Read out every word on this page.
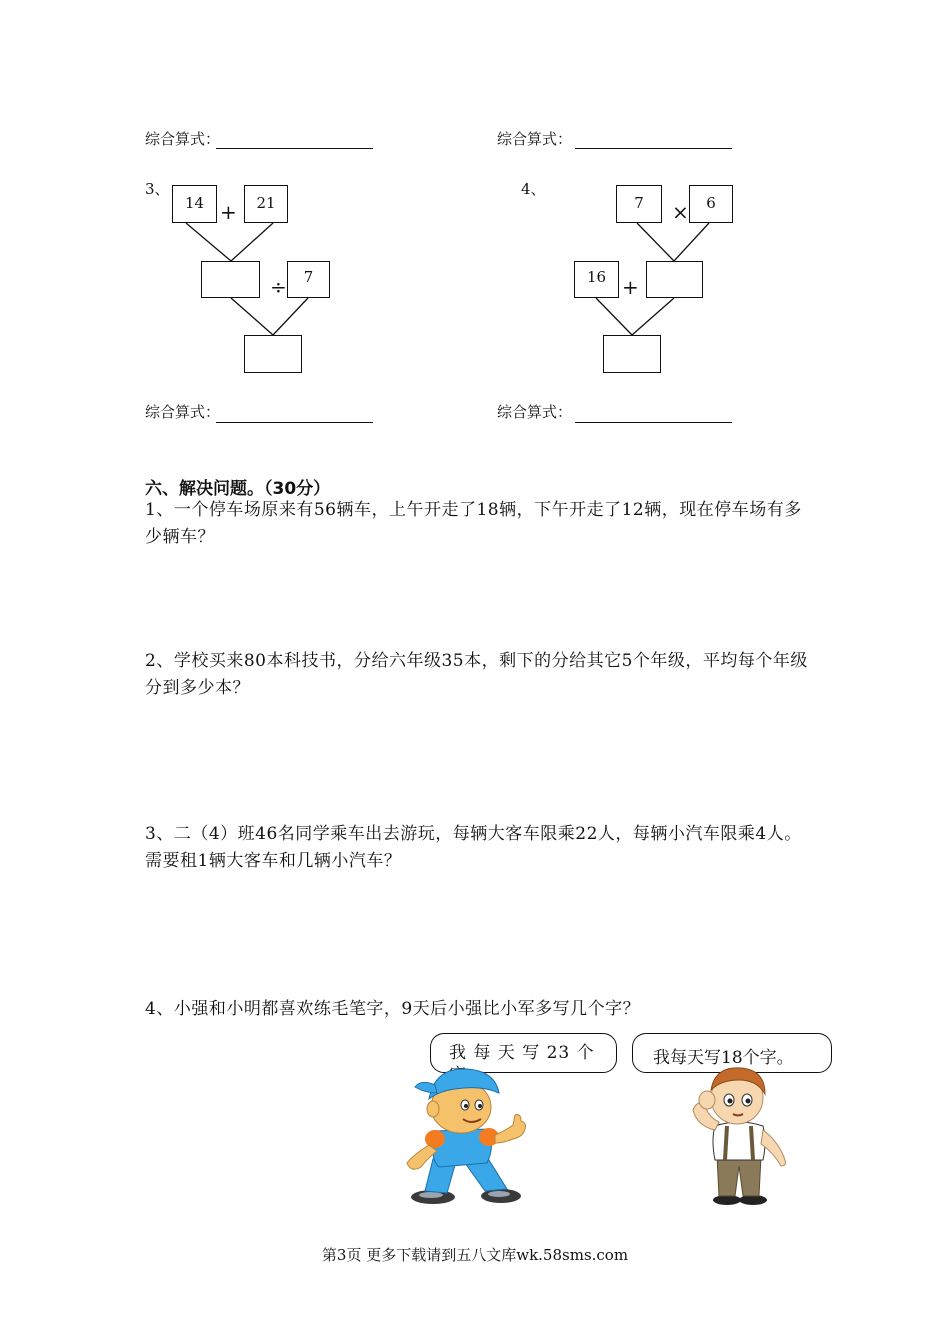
综合算式：	综合算式：
3、
14 +	21
÷	7
4、
7	×	6
16 +
综合算式：	综合算式：
六、解决问题。（30分）
1、一个停车场原来有56辆车，上午开走了18辆，下午开走了12辆，现在停车场有多少辆车？
2、学校买来80本科技书，分给六年级35本，剩下的分给其它5个年级，平均每个年级分到多少本？
3、二（4）班46名同学乘车出去游玩，每辆大客车限乘22人，每辆小汽车限乘4人。需要租1辆大客车和几辆小汽车？
4、小强和小明都喜欢练毛笔字，9天后小强比小军多写几个字？
我 每 天 写 23 个	我每天写18个字。
第3页 更多下载请到五八文库wk.58sms.com
